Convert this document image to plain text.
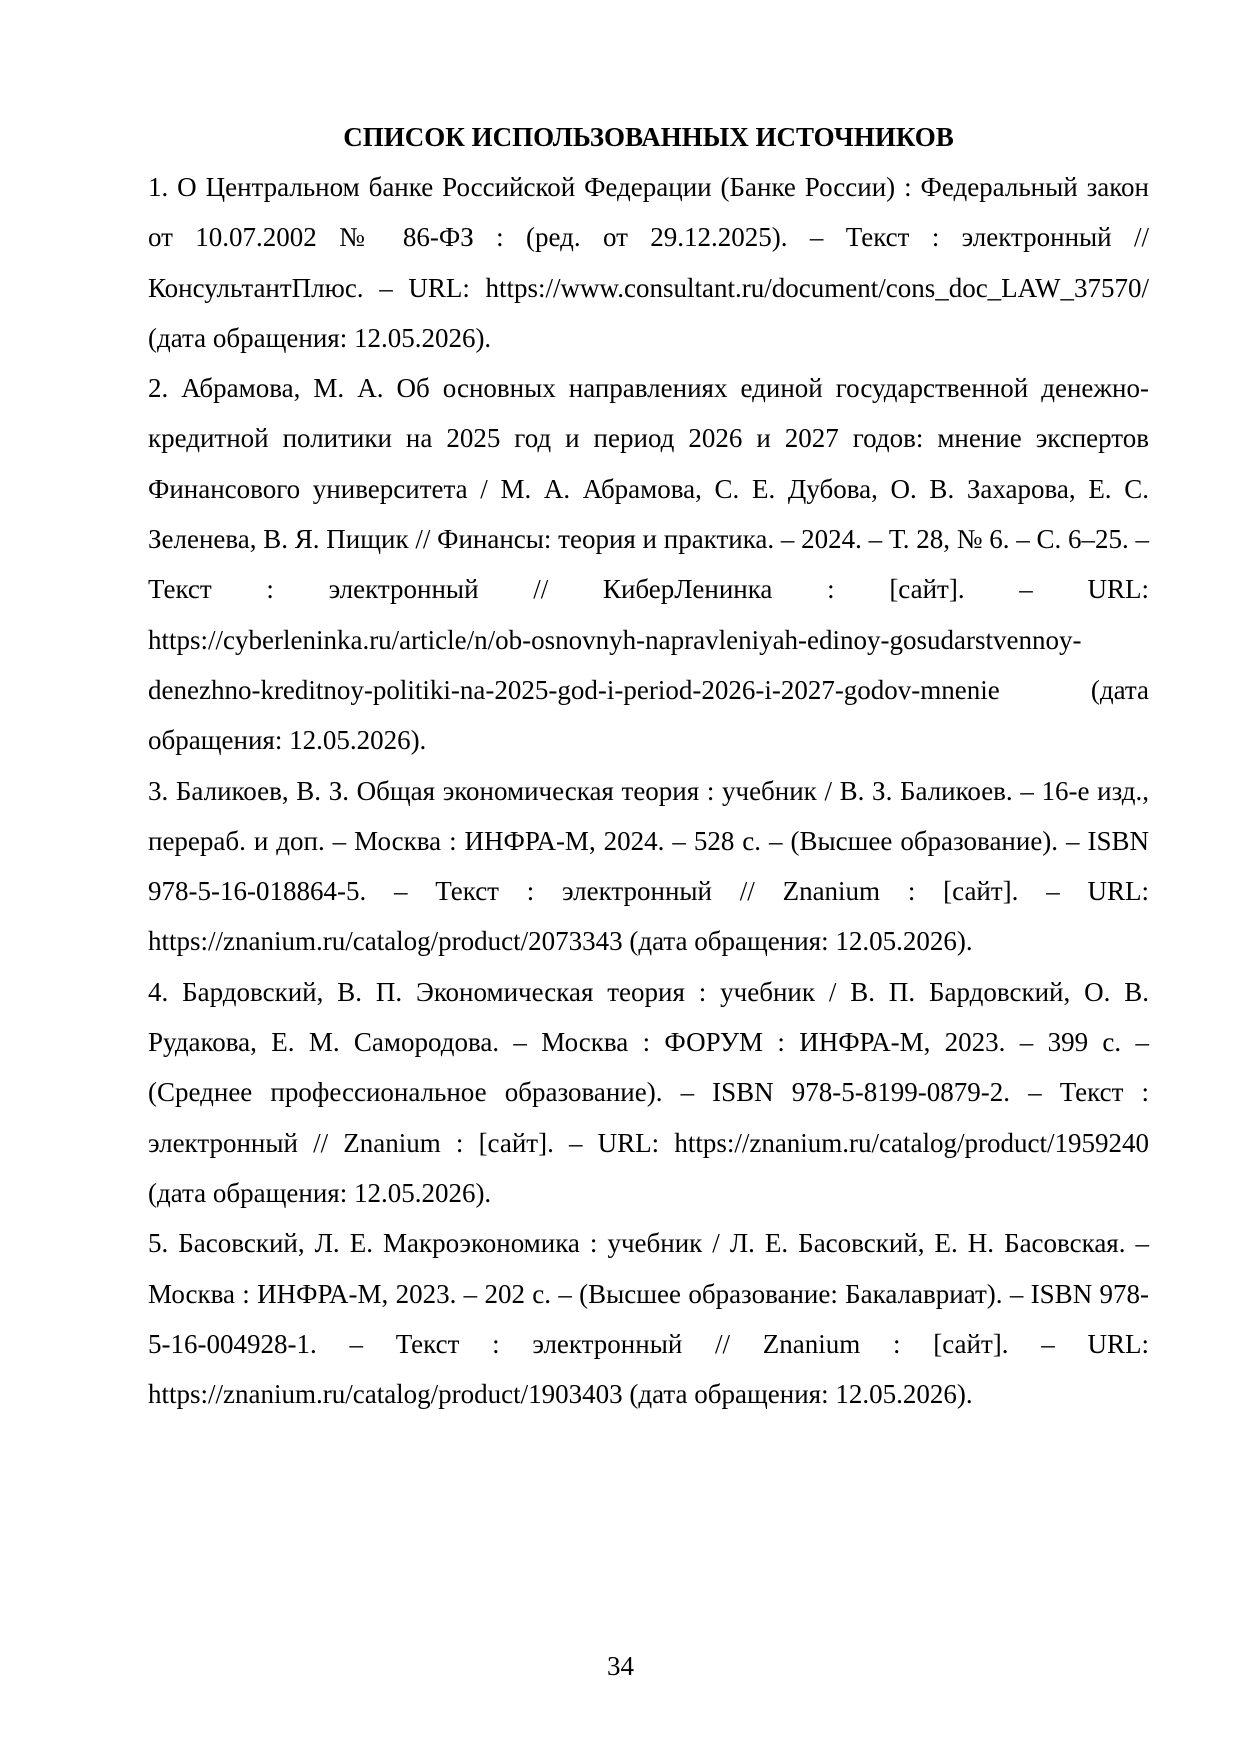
СПИСОК ИСПОЛЬЗОВАННЫХ ИСТОЧНИКОВ
1. О Центральном банке Российской Федерации (Банке России) : Федеральный закон от 10.07.2002 № 86-ФЗ : (ред. от 29.12.2025). – Текст : электронный // КонсультантПлюс. – URL: https://www.consultant.ru/document/cons_doc_LAW_37570/ (дата обращения: 12.05.2026).
2. Абрамова, М. А. Об основных направлениях единой государственной денежно-кредитной политики на 2025 год и период 2026 и 2027 годов: мнение экспертов Финансового университета / М. А. Абрамова, С. Е. Дубова, О. В. Захарова, Е. С. Зеленева, В. Я. Пищик // Финансы: теория и практика. – 2024. – Т. 28, № 6. – С. 6–25. – Текст : электронный // КиберЛенинка : [сайт]. – URL: https://cyberleninka.ru/article/n/ob-osnovnyh-napravleniyah-edinoy-gosudarstvennoy-denezhno-kreditnoy-politiki-na-2025-god-i-period-2026-i-2027-godov-mnenie (дата обращения: 12.05.2026).
3. Баликоев, В. З. Общая экономическая теория : учебник / В. З. Баликоев. – 16-е изд., перераб. и доп. – Москва : ИНФРА-М, 2024. – 528 с. – (Высшее образование). – ISBN 978-5-16-018864-5. – Текст : электронный // Znanium : [сайт]. – URL: https://znanium.ru/catalog/product/2073343 (дата обращения: 12.05.2026).
4. Бардовский, В. П. Экономическая теория : учебник / В. П. Бардовский, О. В. Рудакова, Е. М. Самородова. – Москва : ФОРУМ : ИНФРА-М, 2023. – 399 с. – (Среднее профессиональное образование). – ISBN 978-5-8199-0879-2. – Текст : электронный // Znanium : [сайт]. – URL: https://znanium.ru/catalog/product/1959240 (дата обращения: 12.05.2026).
5. Басовский, Л. Е. Макроэкономика : учебник / Л. Е. Басовский, Е. Н. Басовская. – Москва : ИНФРА-М, 2023. – 202 с. – (Высшее образование: Бакалавриат). – ISBN 978-5-16-004928-1. – Текст : электронный // Znanium : [сайт]. – URL: https://znanium.ru/catalog/product/1903403 (дата обращения: 12.05.2026).
34
